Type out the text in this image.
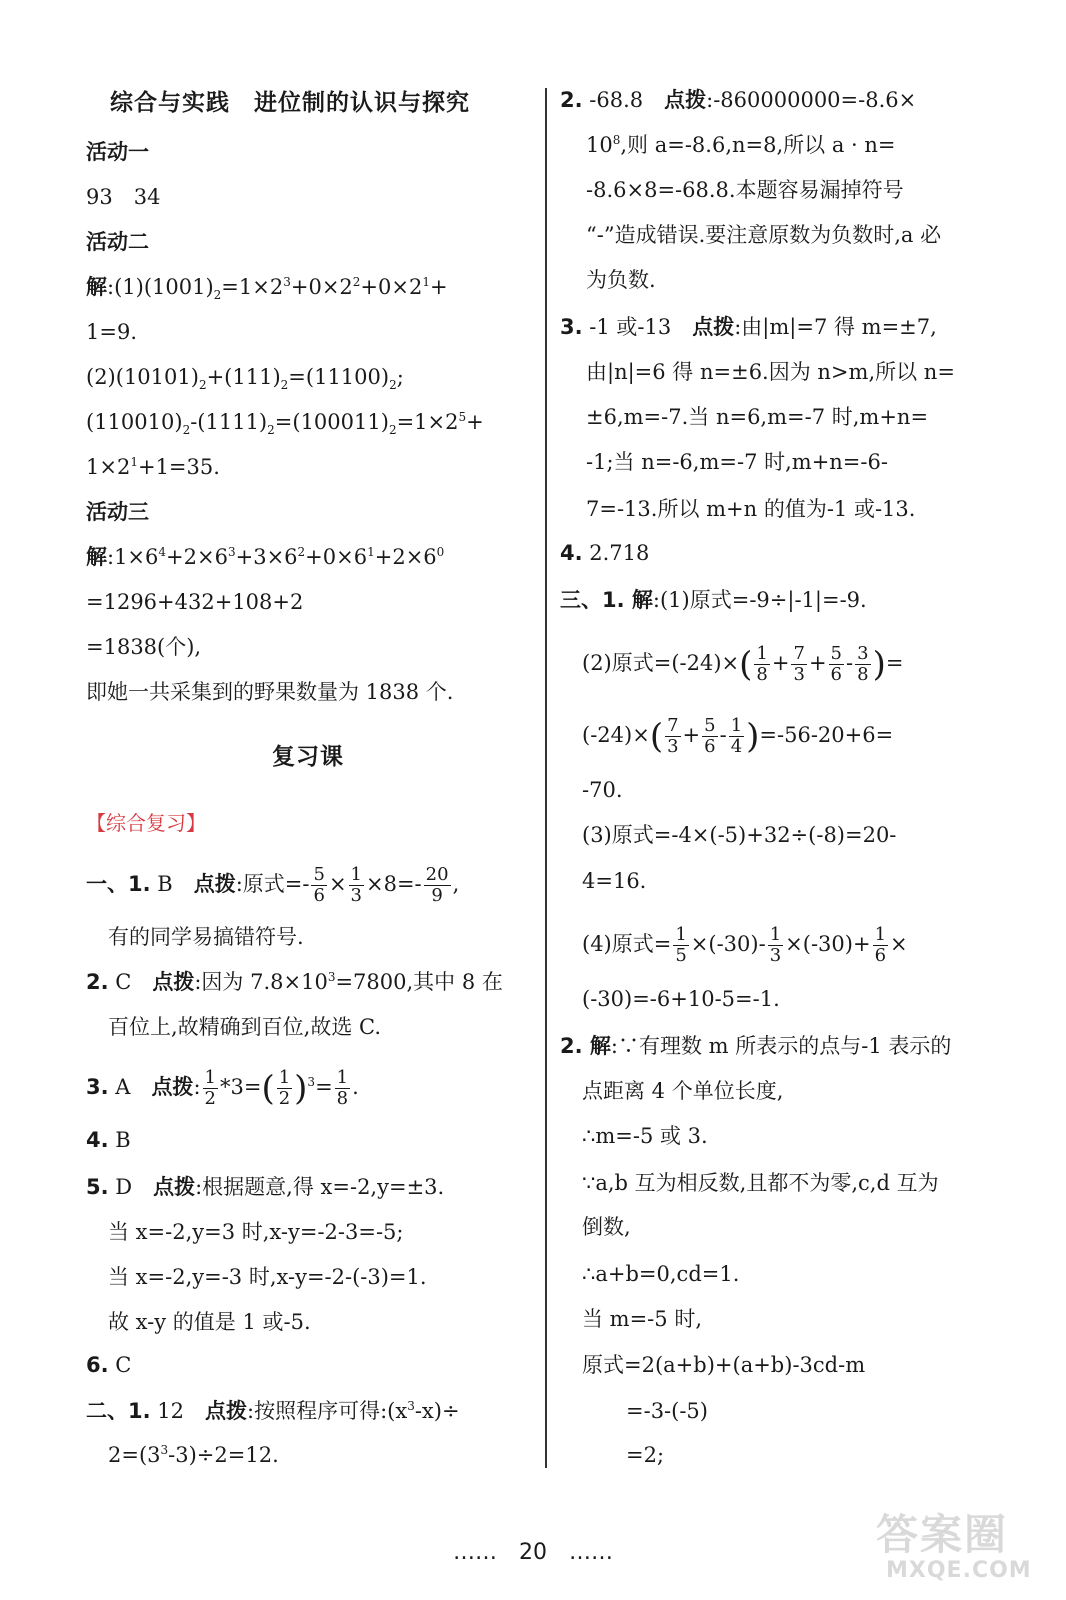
综合与实践　进位制的认识与探究
活动一
93　34
活动二
解$:(1)(1001)_2=1\times 2^3+0\times 2^2+0\times 2^1+$
1=9.
$(2)(10101)_2+(111)_2=(11100)_2$;
$(110010)_2-(1111)_2=(100011)_2=1\times 2^5+$
$1\times 2^1+1=35$.
活动三
解$:1\times 6^4+2\times 6^3+3\times 6^2+0\times 6^1+2\times 6^0$
=1296+432+108+2
=1838(个),
即她一共采集到的野果数量为 1838 个.
复习课
【综合复习】
一、1. B　点拨:原式=- $\frac{5}{6} \times \frac{1}{3} \times 8=- \frac{20}{9}$ ,
有的同学易搞错符号.
2. C　点拨:因为 $7.8\times 10^3=7800$,其中 8 在
百位上,故精确到百位,故选 C.
3. A　点拨: $\frac{1}{2} *3=( \frac{1}{2} )^3= \frac{1}{8}$ .
4. B
5. D　点拨:根据题意,得 x=-2,y=±3.
当 x=-2,y=3 时,x-y=-2-3=-5;
当 x=-2,y=-3 时,x-y=-2-(-3)=1.
故 x-y 的值是 1 或-5.
6. C
二、1. 12　点拨:按照程序可得$:(x^3-x)\div$
$2=(3^3-3)\div 2=12$.
2. -68.8　点拨:-860000000=-8.6×
$10^8$,则 a=-8.6,n=8,所以 a · n=
-8.6×8=-68.8.本题容易漏掉符号
“-”造成错误.要注意原数为负数时,a 必
为负数.
3. -1 或-13　点拨:由|m|=7 得 m=±7,
由|n|=6 得 n=±6.因为 n>m,所以 n=
±6,m=-7.当 n=6,m=-7 时,m+n=
-1;当 n=-6,m=-7 时,m+n=-6-
7=-13.所以 m+n 的值为-1 或-13.
4. 2.718
三、1. 解:(1)原式=-9÷|-1|=-9.
(2)原式$=(-24)\times( \frac{1}{8} + \frac{7}{3} + \frac{5}{6} - \frac{3}{8}$ )=
$(-24)\times( \frac{7}{3} + \frac{5}{6} - \frac{1}{4} )=-56-20+6=$
-70.
(3)原式=-4×(-5)+32÷(-8)=20-
4=16.
(4)原式= $\frac{1}{5} \times(-30)- \frac{1}{3} \times(-30)+ \frac{1}{6}$ ×
(-30)=-6+10-5=-1.
2. 解:∵有理数 m 所表示的点与-1 表示的
点距离 4 个单位长度,
∴m=-5 或 3.
∵a,b 互为相反数,且都不为零,c,d 互为
倒数,
∴a+b=0,cd=1.
当 m=-5 时,
原式=2(a+b)+(a+b)-3cd-m
=-3-(-5)
=2;
……　20　……	答案圈
MXQE.COM
